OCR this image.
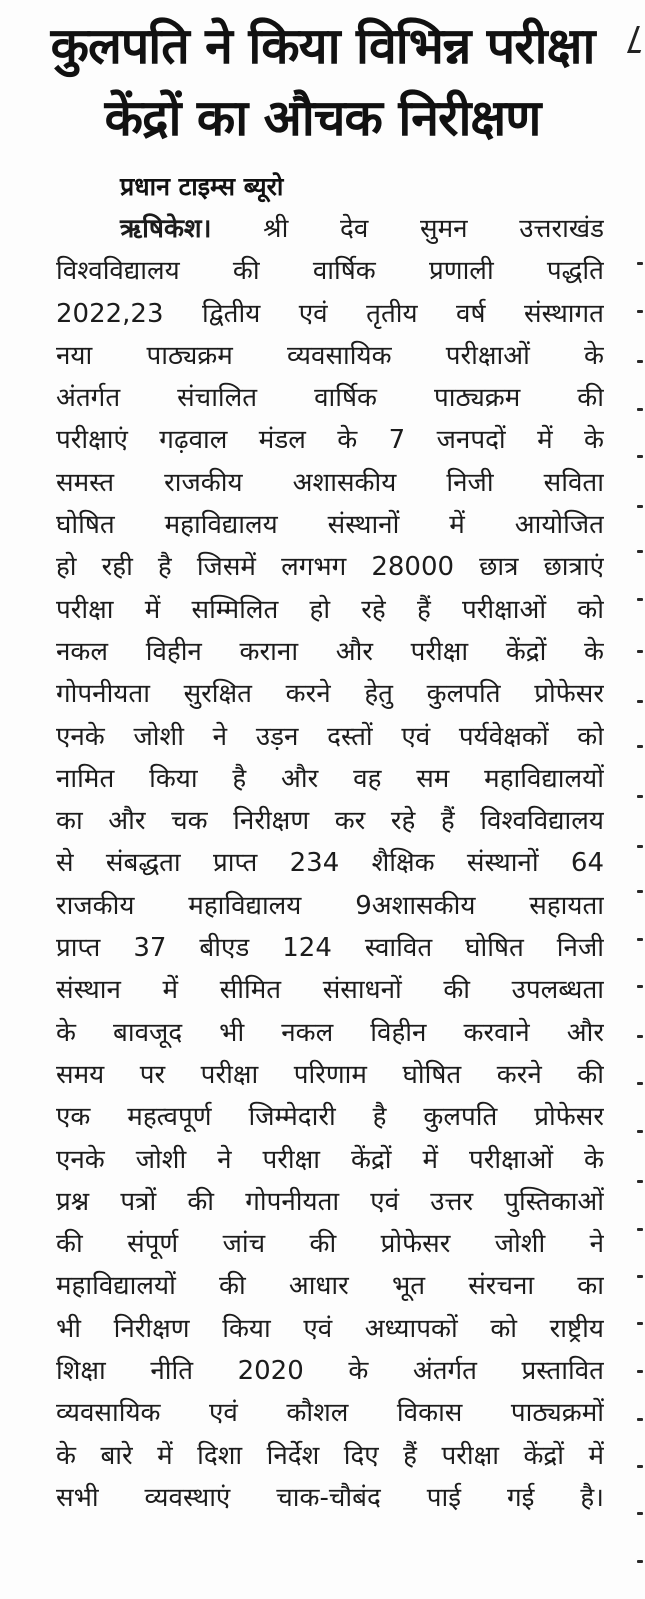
कुलपति ने किया विभिन्न परीक्षा
केंद्रों का औचक निरीक्षण
प्रधान टाइम्स ब्यूरो
ऋषिकेश। श्री देव सुमन उत्तराखंड
विश्वविद्यालय की वार्षिक प्रणाली पद्धति
2022,23 द्वितीय एवं तृतीय वर्ष संस्थागत
नया पाठ्यक्रम व्यवसायिक परीक्षाओं के
अंतर्गत संचालित वार्षिक पाठ्यक्रम की
परीक्षाएं गढ़वाल मंडल के 7 जनपदों में के
समस्त राजकीय अशासकीय निजी सविता
घोषित महाविद्यालय संस्थानों में आयोजित
हो रही है जिसमें लगभग 28000 छात्र छात्राएं
परीक्षा में सम्मिलित हो रहे हैं परीक्षाओं को
नकल विहीन कराना और परीक्षा केंद्रों के
गोपनीयता सुरक्षित करने हेतु कुलपति प्रोफेसर
एनके जोशी ने उड़न दस्तों एवं पर्यवेक्षकों को
नामित किया है और वह सम महाविद्यालयों
का और चक निरीक्षण कर रहे हैं विश्वविद्यालय
से संबद्धता प्राप्त 234 शैक्षिक संस्थानों 64
राजकीय महाविद्यालय 9अशासकीय सहायता
प्राप्त 37 बीएड 124 स्वावित घोषित निजी
संस्थान में सीमित संसाधनों की उपलब्धता
के बावजूद भी नकल विहीन करवाने और
समय पर परीक्षा परिणाम घोषित करने की
एक महत्वपूर्ण जिम्मेदारी है कुलपति प्रोफेसर
एनके जोशी ने परीक्षा केंद्रों में परीक्षाओं के
प्रश्न पत्रों की गोपनीयता एवं उत्तर पुस्तिकाओं
की संपूर्ण जांच की प्रोफेसर जोशी ने
महाविद्यालयों की आधार भूत संरचना का
भी निरीक्षण किया एवं अध्यापकों को राष्ट्रीय
शिक्षा नीति 2020 के अंतर्गत प्रस्तावित
व्यवसायिक एवं कौशल विकास पाठ्यक्रमों
के बारे में दिशा निर्देश दिए हैं परीक्षा केंद्रों में
सभी व्यवस्थाएं चाक-चौबंद पाई गई है।
